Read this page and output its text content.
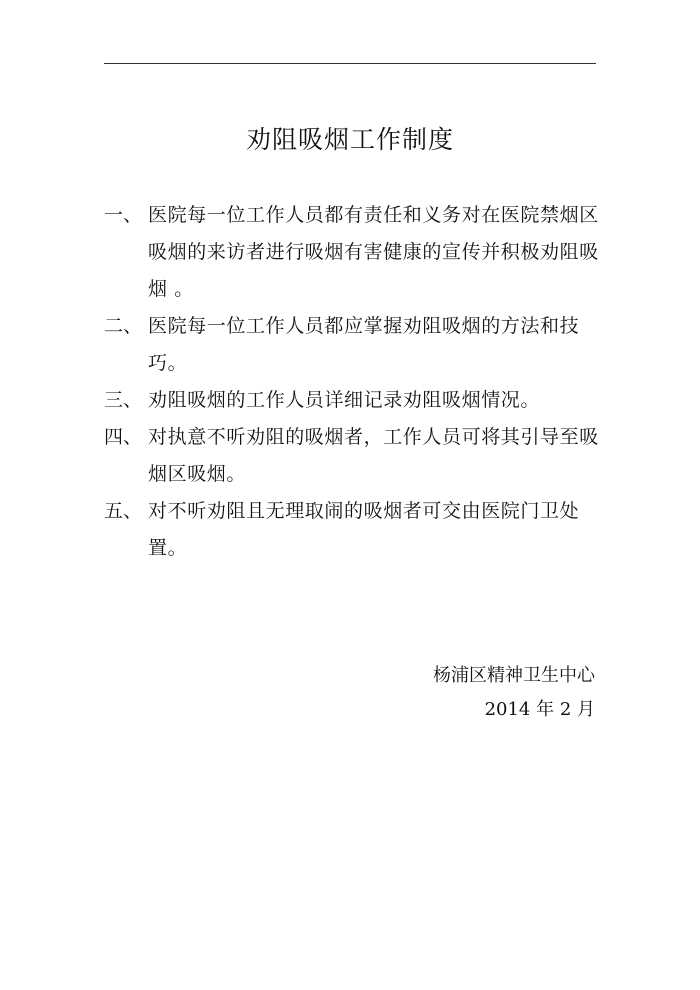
劝阻吸烟工作制度
一、 医院每一位工作人员都有责任和义务对在医院禁烟区吸烟的来访者进行吸烟有害健康的宣传并积极劝阻吸烟 。
二、 医院每一位工作人员都应掌握劝阻吸烟的方法和技巧。
三、 劝阻吸烟的工作人员详细记录劝阻吸烟情况。
四、 对执意不听劝阻的吸烟者，工作人员可将其引导至吸烟区吸烟。
五、 对不听劝阻且无理取闹的吸烟者可交由医院门卫处置。
杨浦区精神卫生中心
2014 年 2 月
